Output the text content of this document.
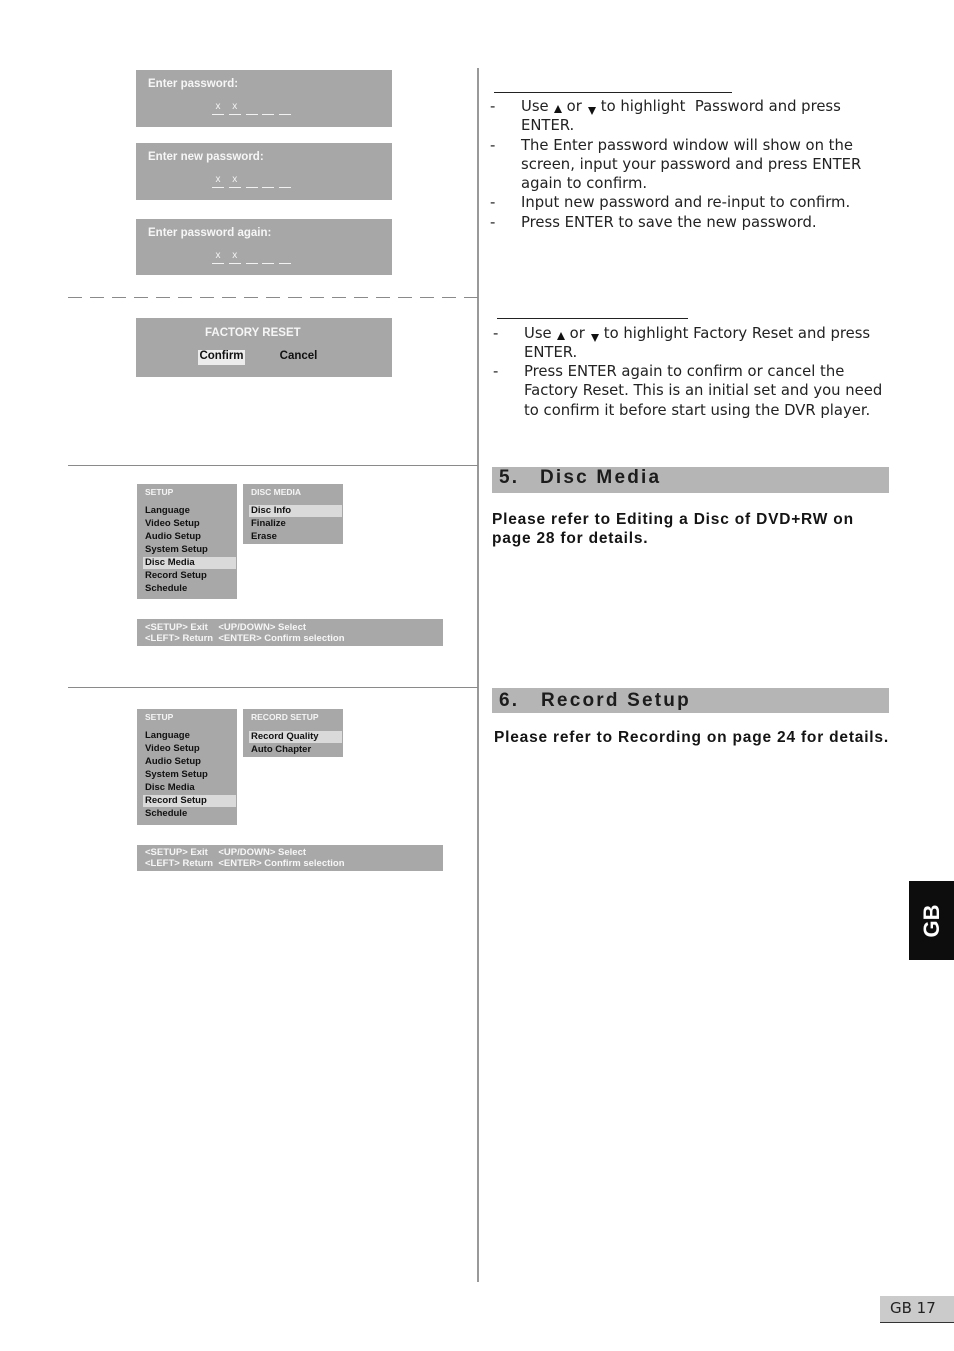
Enter password:
x	x
Enter new password:
x	x
Enter password again:
x	x
FACTORY RESET
Confirm	Cancel
SETUP
Language
Video Setup
Audio Setup
System Setup
Disc Media
Record Setup
Schedule
DISC MEDIA
Disc Info
Finalize
Erase
<SETUP> Exit    <UP/DOWN> Select
<LEFT> Return  <ENTER> Confirm selection
SETUP
Language
Video Setup
Audio Setup
System Setup
Disc Media
Record Setup
Schedule
RECORD SETUP
Record Quality
Auto Chapter
<SETUP> Exit    <UP/DOWN> Select
<LEFT> Return  <ENTER> Confirm selection
-	Use or to highlight  Password and press
ENTER.
-	The Enter password window will show on the
screen, input your password and press ENTER
again to confirm.
-	Input new password and re-input to confirm.
-	Press ENTER to save the new password.
-	Use or to highlight Factory Reset and press
ENTER.
-	Press ENTER again to confirm or cancel the
Factory Reset. This is an initial set and you need
to confirm it before start using the DVR player.
5. Disc Media
Please refer to Editing a Disc of DVD+RW on
page 28 for details.
6. Record Setup
Please refer to Recording on page 24 for details.
GB
GB 17
